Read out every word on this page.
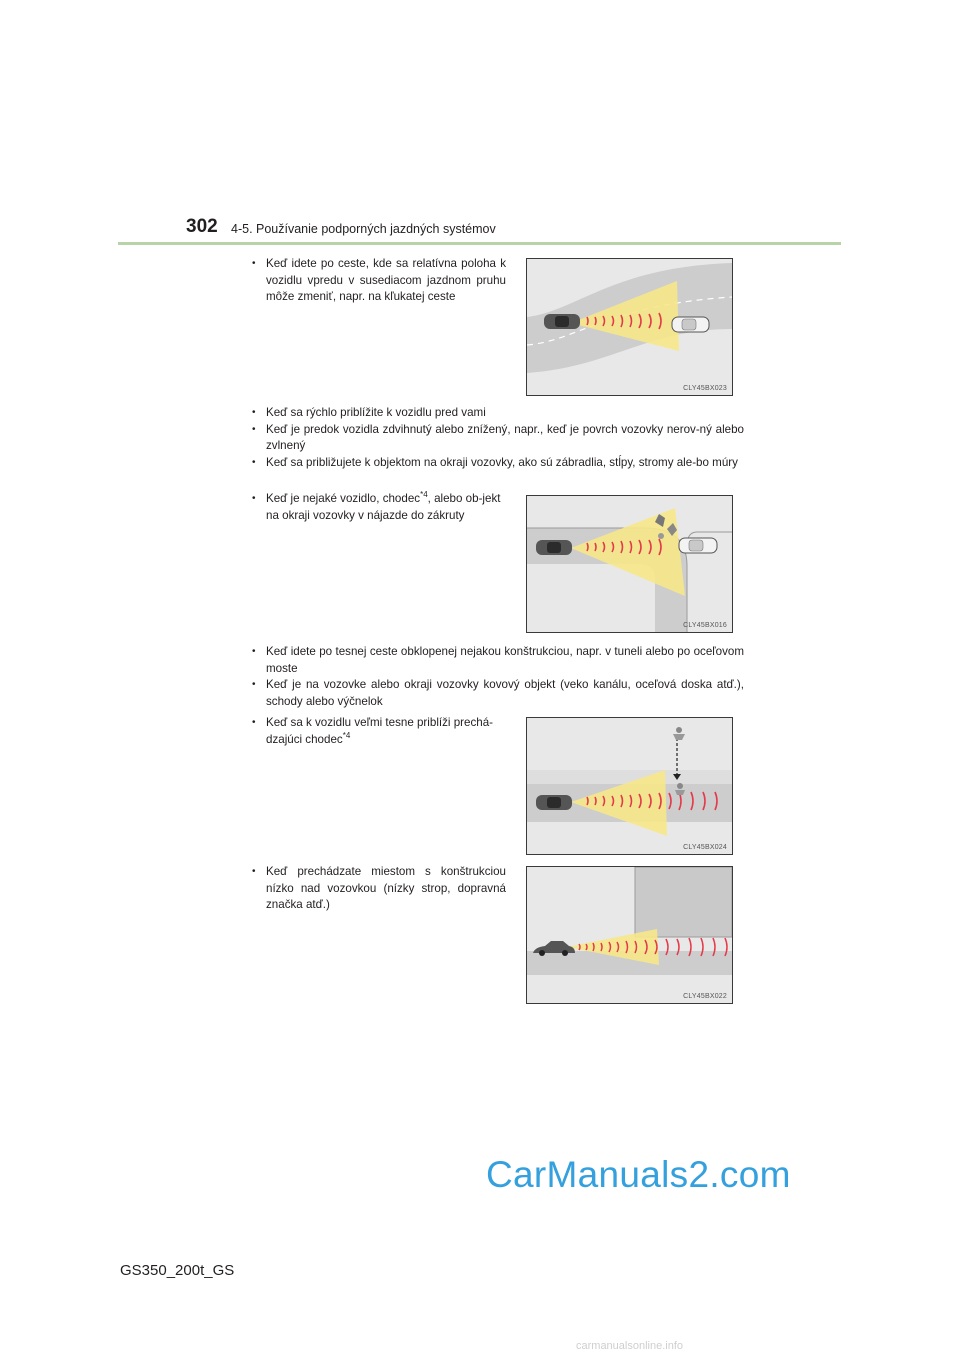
302 4-5. Používanie podporných jazdných systémov

• Keď idete po ceste, kde sa relatívna poloha k vozidlu vpredu v susediacom jazdnom pruhu môže zmeniť, napr. na kľukatej ceste

CLY45BX023

• Keď sa rýchlo priblížite k vozidlu pred vami

• Keď je predok vozidla zdvihnutý alebo znížený, napr., keď je povrch vozovky nerov-ný alebo zvlnený

• Keď sa približujete k objektom na okraji vozovky, ako sú zábradlia, stĺpy, stromy ale-bo múry

• Keď je nejaké vozidlo, chodec$^{*4}$, alebo ob-jekt na okraji vozovky v nájazde do zákruty

CLY45BX016

• Keď idete po tesnej ceste obklopenej nejakou konštrukciou, napr. v tuneli alebo po oceľovom moste

• Keď je na vozovke alebo okraji vozovky kovový objekt (veko kanálu, oceľová doska atď.), schody alebo výčnelok

• Keď sa k vozidlu veľmi tesne priblíži prechá-dzajúci chodec$^{*4}$

CLY45BX024

• Keď prechádzate miestom s konštrukciou nízko nad vozovkou (nízky strop, dopravná značka atď.)

CLY45BX022
CarManuals2.com
GS350_200t_GS
carmanualsonline.info
